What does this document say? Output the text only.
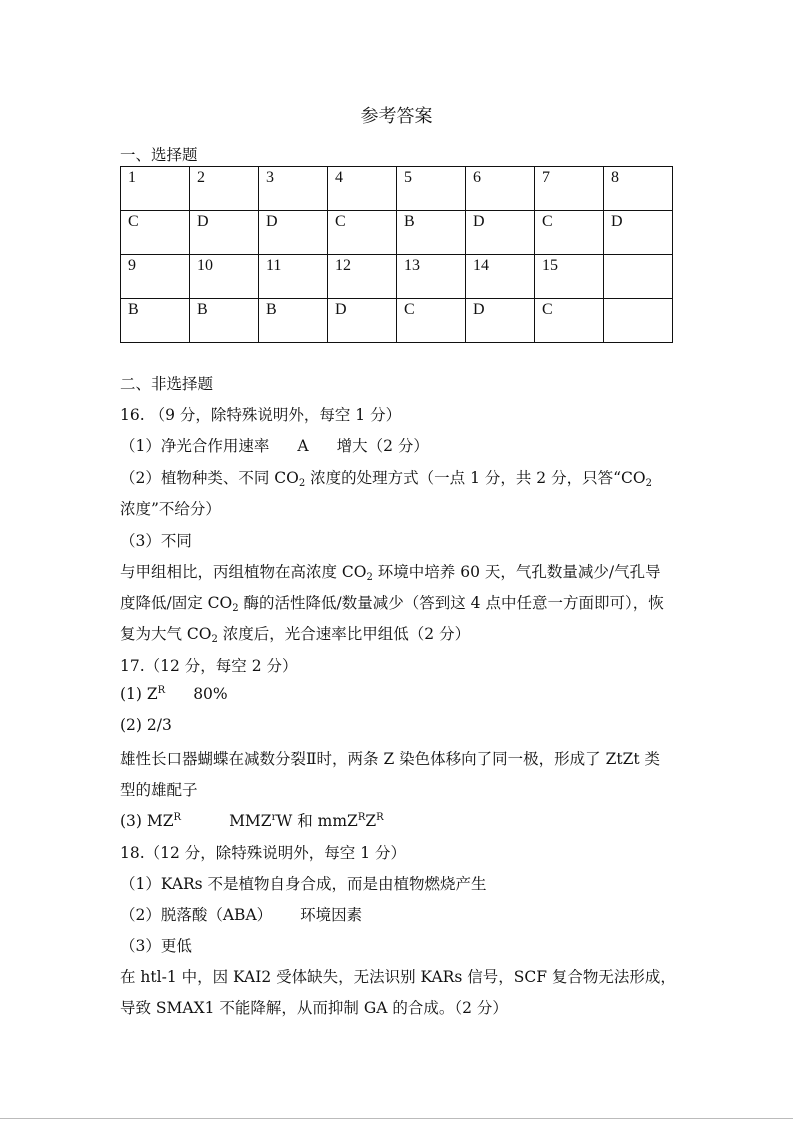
参考答案
一、选择题
1	2	3	4	5	6	7	8
C	D	D	C	B	D	C	D
9	10	11	12	13	14	15	
B	B	B	D	C	D	C	
二、非选择题
16. （9 分，除特殊说明外，每空 1 分）
（1）净光合作用速率 A 增大（2 分）
（2）植物种类、不同 $CO_2$ 浓度的处理方式（一点 1 分，共 2 分，只答“$CO_2$
浓度”不给分）
（3）不同
与甲组相比，丙组植物在高浓度 $CO_2$ 环境中培养 60 天，气孔数量减少/气孔导
度降低/固定 $CO_2$ 酶的活性降低/数量减少（答到这 4 点中任意一方面即可），恢
复为大气 $CO_2$ 浓度后，光合速率比甲组低（2 分）
17.（12 分，每空 2 分）
(1) $Z^R$ 80%
(2) 2/3
雄性长口器蝴蝶在减数分裂Ⅱ时，两条 Z 染色体移向了同一极，形成了 ZtZt 类
型的雄配子
(3) $MZ^R$	MMZ$^r$W 和 $mmZ^RZ^R$
18.（12 分，除特殊说明外，每空 1 分）
（1）KARs 不是植物自身合成，而是由植物燃烧产生
（2）脱落酸（ABA） 环境因素
（3）更低
在 htl-1 中，因 KAI2 受体缺失，无法识别 KARs 信号，SCF 复合物无法形成，
导致 SMAX1 不能降解，从而抑制 GA 的合成。（2 分）
